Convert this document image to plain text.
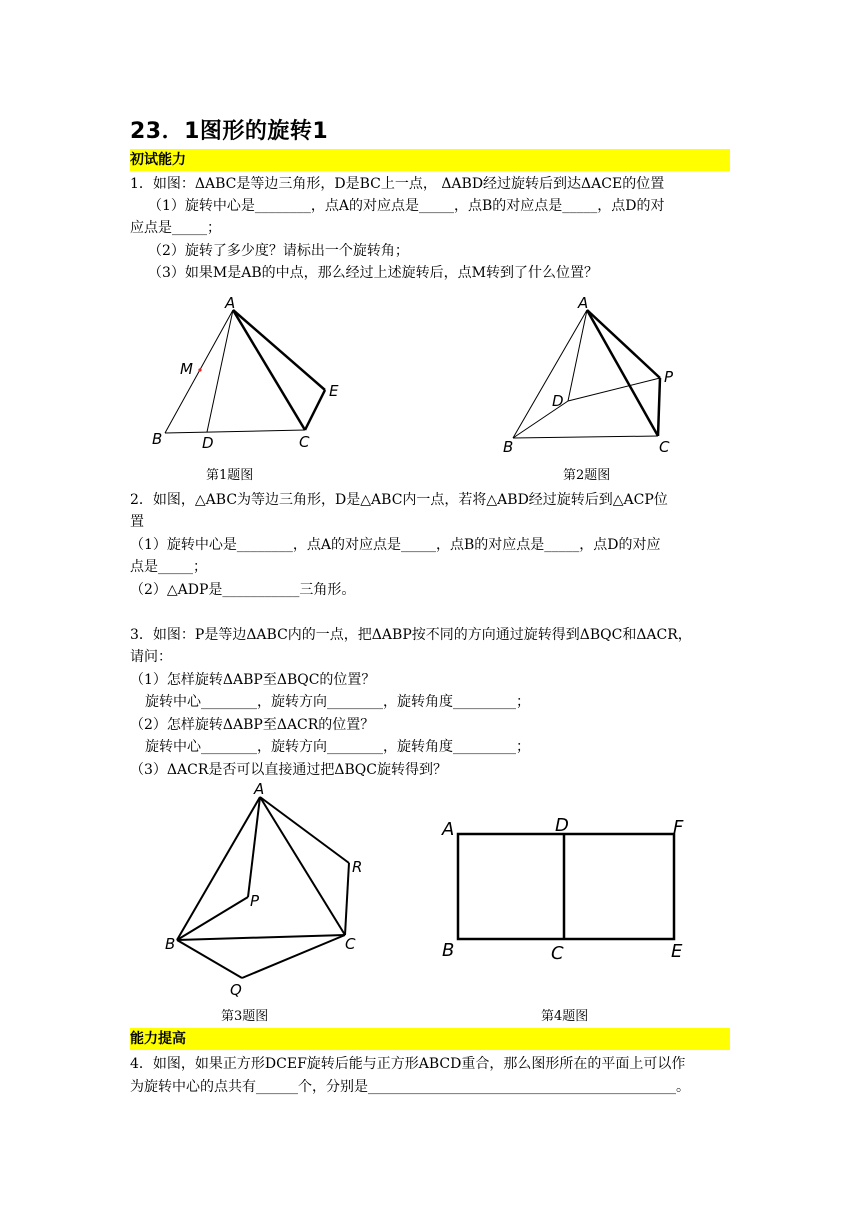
23．1图形的旋转1
初试能力
1．如图：ΔABC是等边三角形，D是BC上一点， ΔABD经过旋转后到达ΔACE的位置
（1）旋转中心是________，点A的对应点是_____，点B的对应点是_____，点D的对
应点是_____；
（2）旋转了多少度？请标出一个旋转角；
（3）如果M是AB的中点，那么经过上述旋转后，点M转到了什么位置？
A
M
E
B	D	C
第1题图
A
P
D
B	C
第2题图
2．如图，△ABC为等边三角形，D是△ABC内一点，若将△ABD经过旋转后到△ACP位
置
（1）旋转中心是________，点A的对应点是_____，点B的对应点是_____，点D的对应
点是_____；
（2）△ADP是___________三角形。
3．如图：P是等边ΔABC内的一点，把ΔABP按不同的方向通过旋转得到ΔBQC和ΔACR，
请问：
（1）怎样旋转ΔABP至ΔBQC的位置？
旋转中心________，旋转方向________，旋转角度_________；
（2）怎样旋转ΔABP至ΔACR的位置？
旋转中心________，旋转方向________，旋转角度_________；
（3）ΔACR是否可以直接通过把ΔBQC旋转得到？
A
R
P
B	C
Q
第3题图
A	D	F
B	C	E
第4题图
能力提高
4．如图，如果正方形DCEF旋转后能与正方形ABCD重合，那么图形所在的平面上可以作
为旋转中心的点共有______个，分别是____________________________________________。
